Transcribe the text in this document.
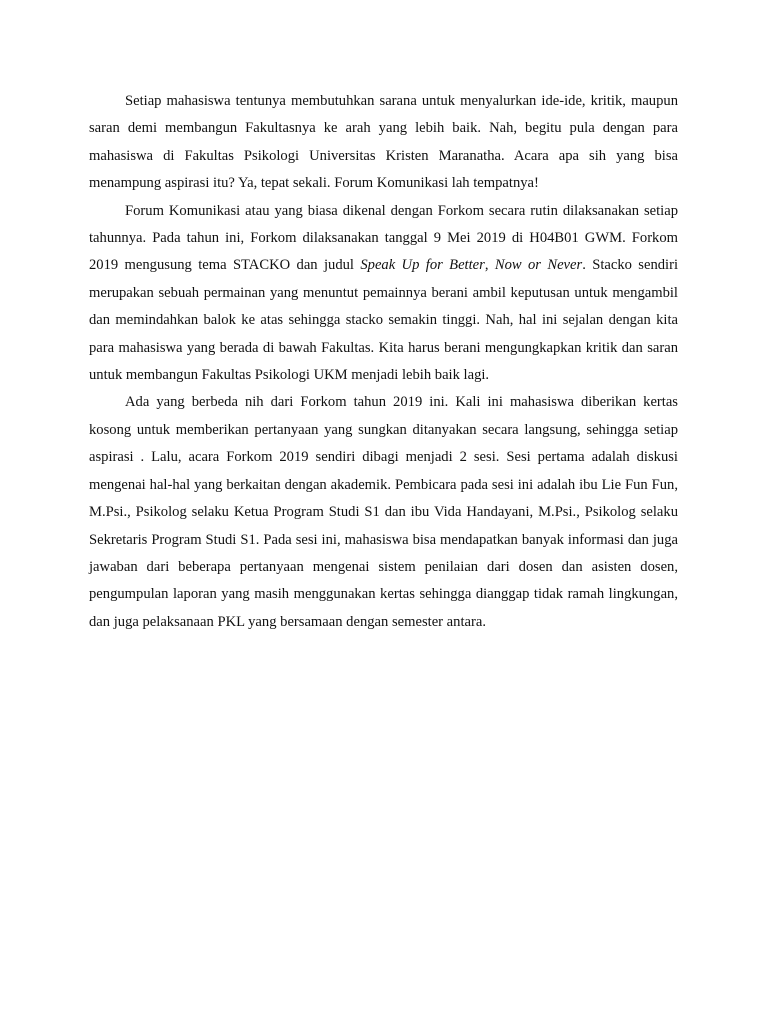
Setiap mahasiswa tentunya membutuhkan sarana untuk menyalurkan ide-ide, kritik, maupun saran demi membangun Fakultasnya ke arah yang lebih baik. Nah, begitu pula dengan para mahasiswa di Fakultas Psikologi Universitas Kristen Maranatha. Acara apa sih yang bisa menampung aspirasi itu? Ya, tepat sekali. Forum Komunikasi lah tempatnya!

Forum Komunikasi atau yang biasa dikenal dengan Forkom secara rutin dilaksanakan setiap tahunnya. Pada tahun ini, Forkom dilaksanakan tanggal 9 Mei 2019 di H04B01 GWM. Forkom 2019 mengusung tema STACKO dan judul Speak Up for Better, Now or Never. Stacko sendiri merupakan sebuah permainan yang menuntut pemainnya berani ambil keputusan untuk mengambil dan memindahkan balok ke atas sehingga stacko semakin tinggi. Nah, hal ini sejalan dengan kita para mahasiswa yang berada di bawah Fakultas. Kita harus berani mengungkapkan kritik dan saran untuk membangun Fakultas Psikologi UKM menjadi lebih baik lagi.

Ada yang berbeda nih dari Forkom tahun 2019 ini. Kali ini mahasiswa diberikan kertas kosong untuk memberikan pertanyaan yang sungkan ditanyakan secara langsung, sehingga setiap aspirasi . Lalu, acara Forkom 2019 sendiri dibagi menjadi 2 sesi. Sesi pertama adalah diskusi mengenai hal-hal yang berkaitan dengan akademik. Pembicara pada sesi ini adalah ibu Lie Fun Fun, M.Psi., Psikolog selaku Ketua Program Studi S1 dan ibu Vida Handayani, M.Psi., Psikolog selaku Sekretaris Program Studi S1. Pada sesi ini, mahasiswa bisa mendapatkan banyak informasi dan juga jawaban dari beberapa pertanyaan mengenai sistem penilaian dari dosen dan asisten dosen, pengumpulan laporan yang masih menggunakan kertas sehingga dianggap tidak ramah lingkungan, dan juga pelaksanaan PKL yang bersamaan dengan semester antara.
